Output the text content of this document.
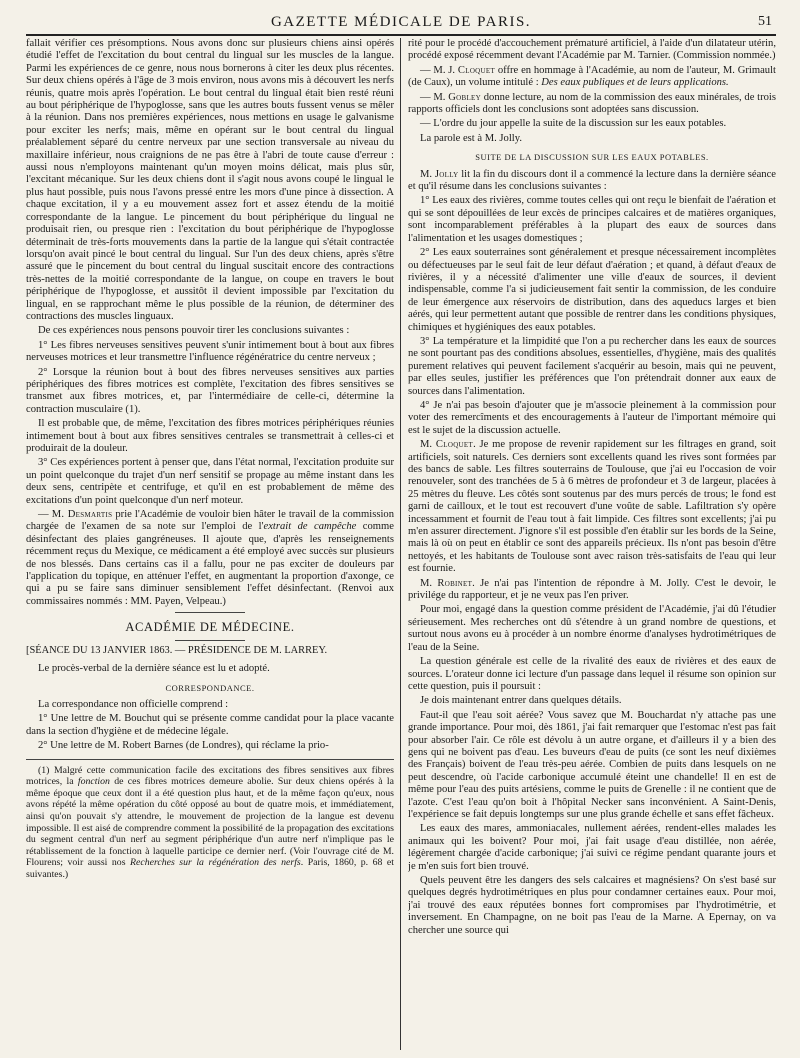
GAZETTE MÉDICALE DE PARIS.	51

fallait vérifier ces présomptions. Nous avons donc sur plusieurs chiens ainsi opérés étudié l'effet de l'excitation du bout central du lingual sur les muscles de la langue. Parmi les expériences de ce genre, nous nous bornerons à citer les deux plus récentes. Sur deux chiens opérés à l'âge de 3 mois environ, nous avons mis à découvert les nerfs réunis, quatre mois après l'opération. Le bout central du lingual était bien resté réuni au bout périphérique de l'hypoglosse, sans que les autres bouts fussent venus se mêler à la réunion. Dans nos premières expériences, nous mettions en usage le galvanisme pour exciter les nerfs; mais, même en opérant sur le bout central du lingual préalablement séparé du centre nerveux par une section transversale au niveau du maxillaire inférieur, nous craignions de ne pas être à l'abri de toute cause d'erreur : aussi nous n'employons maintenant qu'un moyen moins délicat, mais plus sûr, l'excitant mécanique. Sur les deux chiens dont il s'agit nous avons coupé le lingual le plus haut possible, puis nous l'avons pressé entre les mors d'une pince à dissection. A chaque excitation, il y a eu mouvement assez fort et assez étendu de la moitié correspondante de la langue. Le pincement du bout périphérique du lingual ne produisait rien, ou presque rien : l'excitation du bout périphérique de l'hypoglosse déterminait de très-forts mouvements dans la partie de la langue qui s'était contractée lorsqu'on avait pincé le bout central du lingual. Sur l'un des deux chiens, après s'être assuré que le pincement du bout central du lingual suscitait encore des contractions très-nettes de la moitié correspondante de la langue, on coupe en travers le bout périphérique de l'hypoglosse, et aussitôt il devient impossible par l'excitation du lingual, en se rapprochant même le plus possible de la réunion, de déterminer des contractions des muscles linguaux.

De ces expériences nous pensons pouvoir tirer les conclusions suivantes :

1° Les fibres nerveuses sensitives peuvent s'unir intimement bout à bout aux fibres nerveuses motrices et leur transmettre l'influence régénératrice du centre nerveux ;

2° Lorsque la réunion bout à bout des fibres nerveuses sensitives aux parties périphériques des fibres motrices est complète, l'excitation des fibres sensitives se transmet aux fibres motrices, et, par l'intermédiaire de celle-ci, détermine la contraction musculaire (1).

Il est probable que, de même, l'excitation des fibres motrices périphériques réunies intimement bout à bout aux fibres sensitives centrales se transmettrait à celles-ci et produirait de la douleur.

3° Ces expériences portent à penser que, dans l'état normal, l'excitation produite sur un point quelconque du trajet d'un nerf sensitif se propage au même instant dans les deux sens, centripète et centrifuge, et qu'il en est probablement de même des excitations d'un point quelconque d'un nerf moteur.

— M. Desmartis prie l'Académie de vouloir bien hâter le travail de la commission chargée de l'examen de sa note sur l'emploi de l'extrait de campêche comme désinfectant des plaies gangréneuses. Il ajoute que, d'après les renseignements récemment reçus du Mexique, ce médicament a été employé avec succès sur plusieurs de nos blessés. Dans certains cas il a fallu, pour ne pas exciter de douleurs par l'application du topique, en atténuer l'effet, en augmentant la proportion d'axonge, ce qui a pu se faire sans diminuer sensiblement l'effet désinfectant. (Renvoi aux commissaires nommés : MM. Payen, Velpeau.)

ACADÉMIE DE MÉDECINE.
[SÉANCE DU 13 JANVIER 1863. — PRÉSIDENCE DE M. LARREY.

Le procès-verbal de la dernière séance est lu et adopté.

CORRESPONDANCE.

La correspondance non officielle comprend :

1° Une lettre de M. Bouchut qui se présente comme candidat pour la place vacante dans la section d'hygiène et de médecine légale.

2° Une lettre de M. Robert Barnes (de Londres), qui réclame la prio-

(1) Malgré cette communication facile des excitations des fibres sensitives aux fibres motrices, la fonction de ces fibres motrices demeure abolie. Sur deux chiens opérés à la même époque que ceux dont il a été question plus haut, et de la même façon qu'eux, nous avons répété la même opération du côté opposé au bout de quatre mois, et immédiatement, ainsi qu'on pouvait s'y attendre, le mouvement de projection de la langue est devenu impossible. Il est aisé de comprendre comment la possibilité de la propagation des excitations du segment central d'un nerf au segment périphérique d'un autre nerf n'implique pas le rétablissement de la fonction à laquelle participe ce dernier nerf. (Voir l'ouvrage cité de M. Flourens; voir aussi nos Recherches sur la régénération des nerfs. Paris, 1860, p. 68 et suivantes.)

rité pour le procédé d'accouchement prématuré artificiel, à l'aide d'un dilatateur utérin, procédé exposé récemment devant l'Académie par M. Tarnier. (Commission nommée.)

— M. J. Cloquet offre en hommage à l'Académie, au nom de l'auteur, M. Grimault (de Caux), un volume intitulé : Des eaux publiques et de leurs applications.

— M. Gobley donne lecture, au nom de la commission des eaux minérales, de trois rapports officiels dont les conclusions sont adoptées sans discussion.

— L'ordre du jour appelle la suite de la discussion sur les eaux potables.

La parole est à M. Jolly.

SUITE DE LA DISCUSSION SUR LES EAUX POTABLES.

M. Jolly lit la fin du discours dont il a commencé la lecture dans la dernière séance et qu'il résume dans les conclusions suivantes :

1° Les eaux des rivières, comme toutes celles qui ont reçu le bienfait de l'aération et qui se sont dépouillées de leur excès de principes calcaires et de matières organiques, sont incomparablement préférables à la plupart des eaux de sources dans l'alimentation et les usages domestiques ;

2° Les eaux souterraines sont généralement et presque nécessairement incomplètes ou défectueuses par le seul fait de leur défaut d'aération ; et quand, à défaut d'eaux de rivières, il y a nécessité d'alimenter une ville d'eaux de sources, il devient indispensable, comme l'a si judicieusement fait sentir la commission, de les conduire de leur émergence aux réservoirs de distribution, dans des aqueducs larges et bien aérés, qui leur permettent autant que possible de rentrer dans les conditions physiques, chimiques et hygiéniques des eaux potables.

3° La température et la limpidité que l'on a pu rechercher dans les eaux de sources ne sont pourtant pas des conditions absolues, essentielles, d'hygiène, mais des qualités purement relatives qui peuvent facilement s'acquérir au besoin, mais qui ne peuvent, par elles seules, justifier les préférences que l'on prétendrait donner aux eaux de sources dans l'alimentation.

4° Je n'ai pas besoin d'ajouter que je m'associe pleinement à la commission pour voter des remercîments et des encouragements à l'auteur de l'important mémoire qui est le sujet de la discussion actuelle.

M. Cloquet. Je me propose de revenir rapidement sur les filtrages en grand, soit artificiels, soit naturels. Ces derniers sont excellents quand les rives sont formées par des bancs de sable. Les filtres souterrains de Toulouse, que j'ai eu l'occasion de voir renouveler, sont des tranchées de 5 à 6 mètres de profondeur et 3 de largeur, placées à 25 mètres du fleuve. Les côtés sont soutenus par des murs percés de trous; le fond est garni de cailloux, et le tout est recouvert d'une voûte de sable. Lafiltration s'y opère incessamment et fournit de l'eau tout à fait limpide. Ces filtres sont excellents; j'ai pu m'en assurer directement. J'ignore s'il est possible d'en établir sur les bords de la Seine, mais là où on peut en établir ce sont des appareils précieux. Ils n'ont pas besoin d'être nettoyés, et les habitants de Toulouse sont avec raison très-satisfaits de l'eau qui leur est fournie.

M. Robinet. Je n'ai pas l'intention de répondre à M. Jolly. C'est le devoir, le privilége du rapporteur, et je ne veux pas l'en priver.

Pour moi, engagé dans la question comme président de l'Académie, j'ai dû l'étudier sérieusement. Mes recherches ont dû s'étendre à un grand nombre de questions, et surtout nous avons eu à procéder à un nombre énorme d'analyses hydrotimétriques de l'eau de la Seine.

La question générale est celle de la rivalité des eaux de rivières et des eaux de sources. L'orateur donne ici lecture d'un passage dans lequel il résume son opinion sur cette question, puis il poursuit :

Je dois maintenant entrer dans quelques détails.

Faut-il que l'eau soit aérée? Vous savez que M. Bouchardat n'y attache pas une grande importance. Pour moi, dès 1861, j'ai fait remarquer que l'estomac n'est pas fait pour absorber l'air. Ce rôle est dévolu à un autre organe, et d'ailleurs il y a bien des gens qui ne boivent pas d'eau. Les buveurs d'eau de puits (ce sont les neuf dixièmes des Français) boivent de l'eau très-peu aérée. Combien de puits dans lesquels on ne peut descendre, où l'acide carbonique accumulé éteint une chandelle! Il en est de même pour l'eau des puits artésiens, comme le puits de Grenelle : il ne contient que de l'azote. C'est l'eau qu'on boit à l'hôpital Necker sans inconvénient. A Saint-Denis, l'expérience se fait depuis longtemps sur une plus grande échelle et sans effet fâcheux.

Les eaux des mares, ammoniacales, nullement aérées, rendent-elles malades les animaux qui les boivent? Pour moi, j'ai fait usage d'eau distillée, non aérée, légèrement chargée d'acide carbonique; j'ai suivi ce régime pendant quarante jours et je m'en suis fort bien trouvé.

Quels peuvent être les dangers des sels calcaires et magnésiens? On s'est basé sur quelques degrés hydrotimétriques en plus pour condamner certaines eaux. Pour moi, j'ai trouvé des eaux réputées bonnes fort compromises par l'hydrotimétrie, et inversement. En Champagne, on ne boit pas l'eau de la Marne. A Epernay, on va chercher une source qui
